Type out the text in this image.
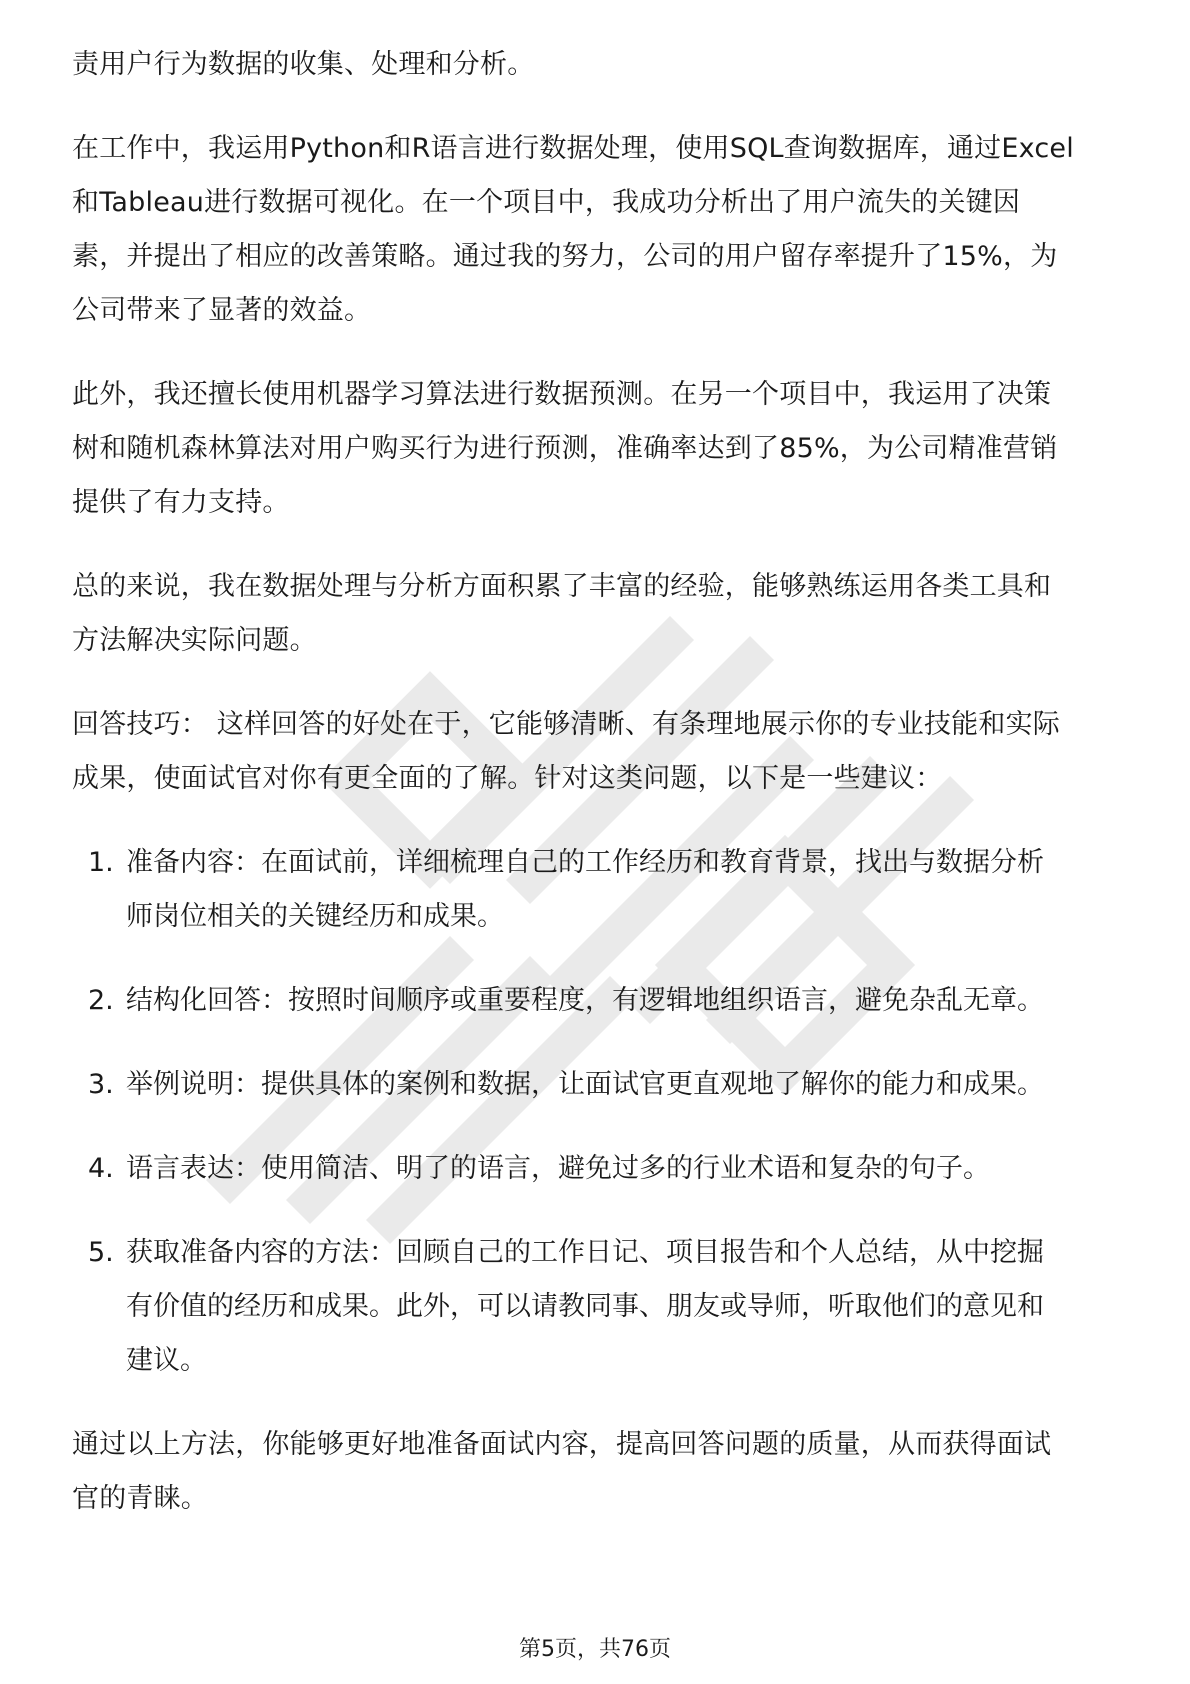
责用户行为数据的收集、处理和分析。
在工作中，我运用Python和R语言进行数据处理，使用SQL查询数据库，通过Excel
和Tableau进行数据可视化。在一个项目中，我成功分析出了用户流失的关键因
素，并提出了相应的改善策略。通过我的努力，公司的用户留存率提升了15%，为
公司带来了显著的效益。
此外，我还擅长使用机器学习算法进行数据预测。在另一个项目中，我运用了决策
树和随机森林算法对用户购买行为进行预测，准确率达到了85%，为公司精准营销
提供了有力支持。
总的来说，我在数据处理与分析方面积累了丰富的经验，能够熟练运用各类工具和
方法解决实际问题。
回答技巧： 这样回答的好处在于，它能够清晰、有条理地展示你的专业技能和实际
成果，使面试官对你有更全面的了解。针对这类问题，以下是一些建议：
1. 准备内容：在面试前，详细梳理自己的工作经历和教育背景，找出与数据分析
师岗位相关的关键经历和成果。
2. 结构化回答：按照时间顺序或重要程度，有逻辑地组织语言，避免杂乱无章。
3. 举例说明：提供具体的案例和数据，让面试官更直观地了解你的能力和成果。
4. 语言表达：使用简洁、明了的语言，避免过多的行业术语和复杂的句子。
5. 获取准备内容的方法：回顾自己的工作日记、项目报告和个人总结，从中挖掘
有价值的经历和成果。此外，可以请教同事、朋友或导师，听取他们的意见和
建议。
通过以上方法，你能够更好地准备面试内容，提高回答问题的质量，从而获得面试
官的青睐。
第5页，共76页
